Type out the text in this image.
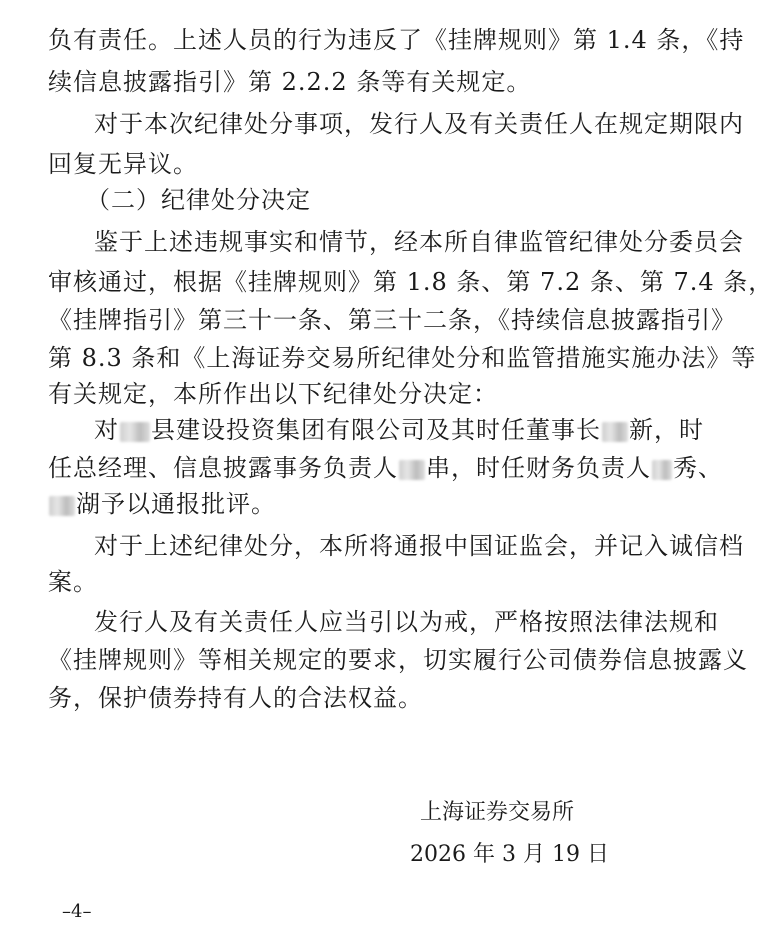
负有责任。上述人员的行为违反了《挂牌规则》第 1.4 条，《持
续信息披露指引》第 2.2.2 条等有关规定。
对于本次纪律处分事项，发行人及有关责任人在规定期限内
回复无异议。
（二）纪律处分决定
鉴于上述违规事实和情节，经本所自律监管纪律处分委员会
审核通过，根据《挂牌规则》第 1.8 条、第 7.2 条、第 7.4 条，
《挂牌指引》第三十一条、第三十二条，《持续信息披露指引》
第 8.3 条和《上海证券交易所纪律处分和监管措施实施办法》等
有关规定，本所作出以下纪律处分决定：
对 县建设投资集团有限公司及其时任董事长 新，时
任总经理、信息披露事务负责人 串，时任财务负责人 秀、
湖予以通报批评。
对于上述纪律处分，本所将通报中国证监会，并记入诚信档
案。
发行人及有关责任人应当引以为戒，严格按照法律法规和
《挂牌规则》等相关规定的要求，切实履行公司债券信息披露义
务，保护债券持有人的合法权益。
上海证券交易所
2026 年 3 月 19 日
–4–
